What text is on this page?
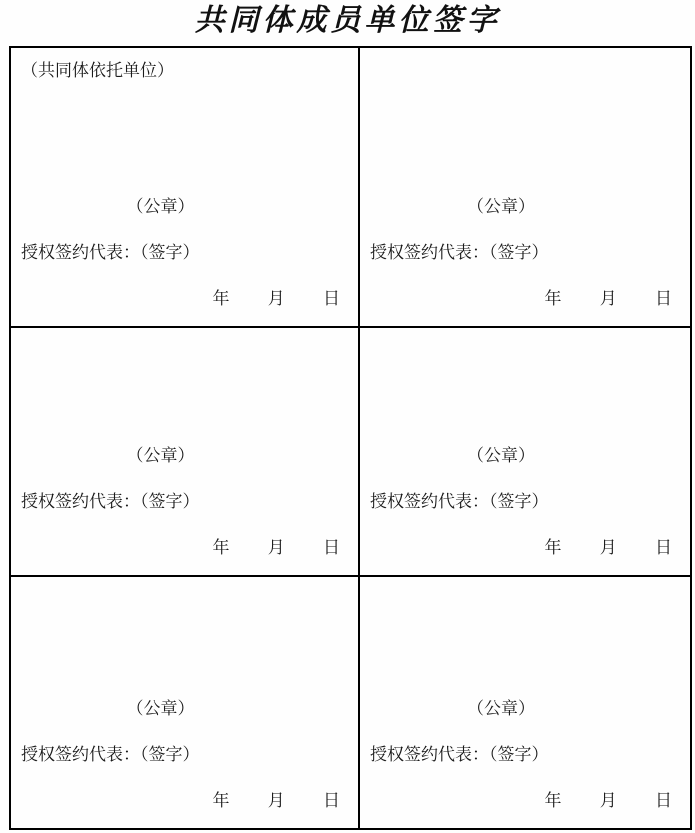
共同体成员单位签字
（共同体依托单位）
（公章）
授权签约代表：（签字）
年 月 日
（公章）
授权签约代表：（签字）
年 月 日
（公章）
授权签约代表：（签字）
年 月 日
（公章）
授权签约代表：（签字）
年 月 日
（公章）
授权签约代表：（签字）
年 月 日
（公章）
授权签约代表：（签字）
年 月 日
